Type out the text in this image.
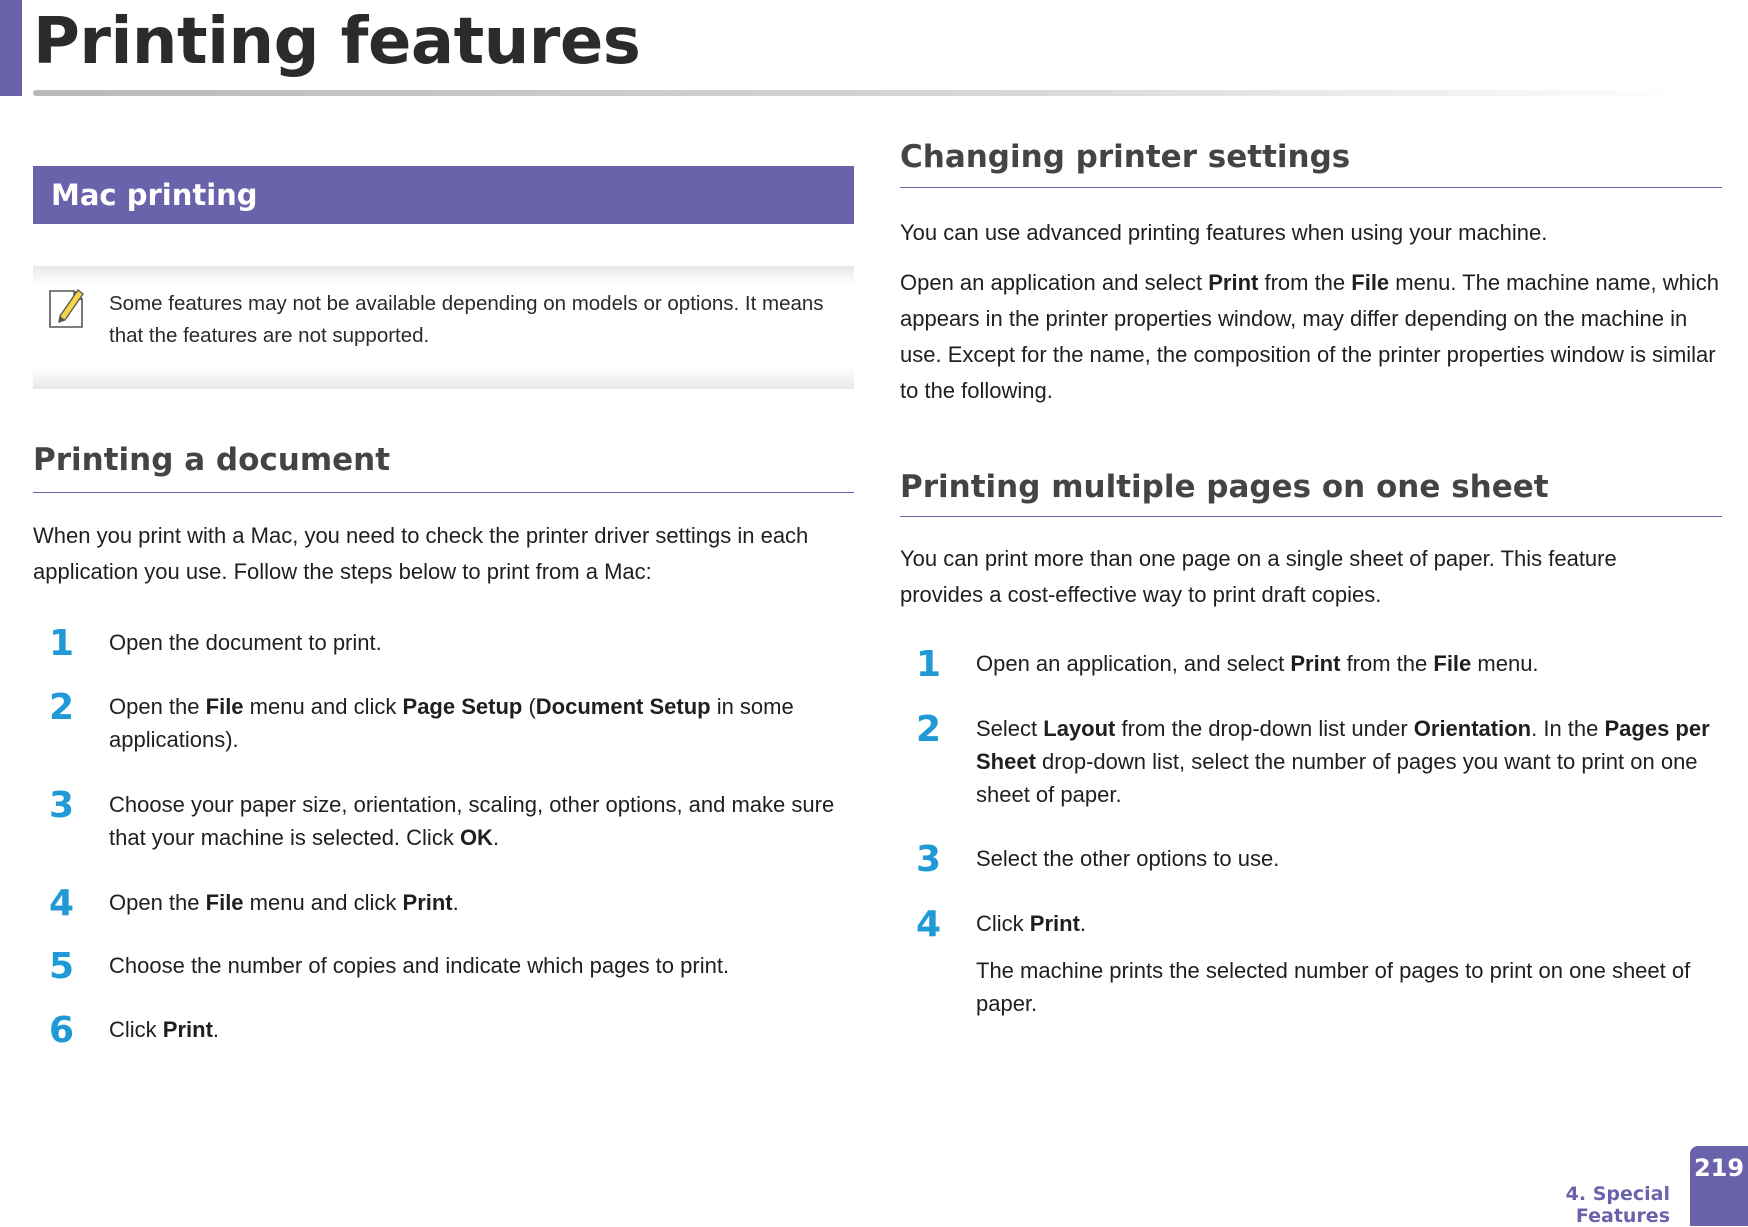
Printing features
Mac printing
Some features may not be available depending on models or options. It means that the features are not supported.
Printing a document

When you print with a Mac, you need to check the printer driver settings in each application you use. Follow the steps below to print from a Mac:

1 Open the document to print.
2 Open the File menu and click Page Setup (Document Setup in some applications).
3 Choose your paper size, orientation, scaling, other options, and make sure that your machine is selected. Click OK.
4 Open the File menu and click Print.
5 Choose the number of copies and indicate which pages to print.
6 Click Print.
Changing printer settings

You can use advanced printing features when using your machine.

Open an application and select Print from the File menu. The machine name, which appears in the printer properties window, may differ depending on the machine in use. Except for the name, the composition of the printer properties window is similar to the following.

Printing multiple pages on one sheet

You can print more than one page on a single sheet of paper. This feature provides a cost-effective way to print draft copies.

1 Open an application, and select Print from the File menu.
2 Select Layout from the drop-down list under Orientation. In the Pages per Sheet drop-down list, select the number of pages you want to print on one sheet of paper.
3 Select the other options to use.
4 Click Print.

The machine prints the selected number of pages to print on one sheet of paper.

4. Special Features
219
